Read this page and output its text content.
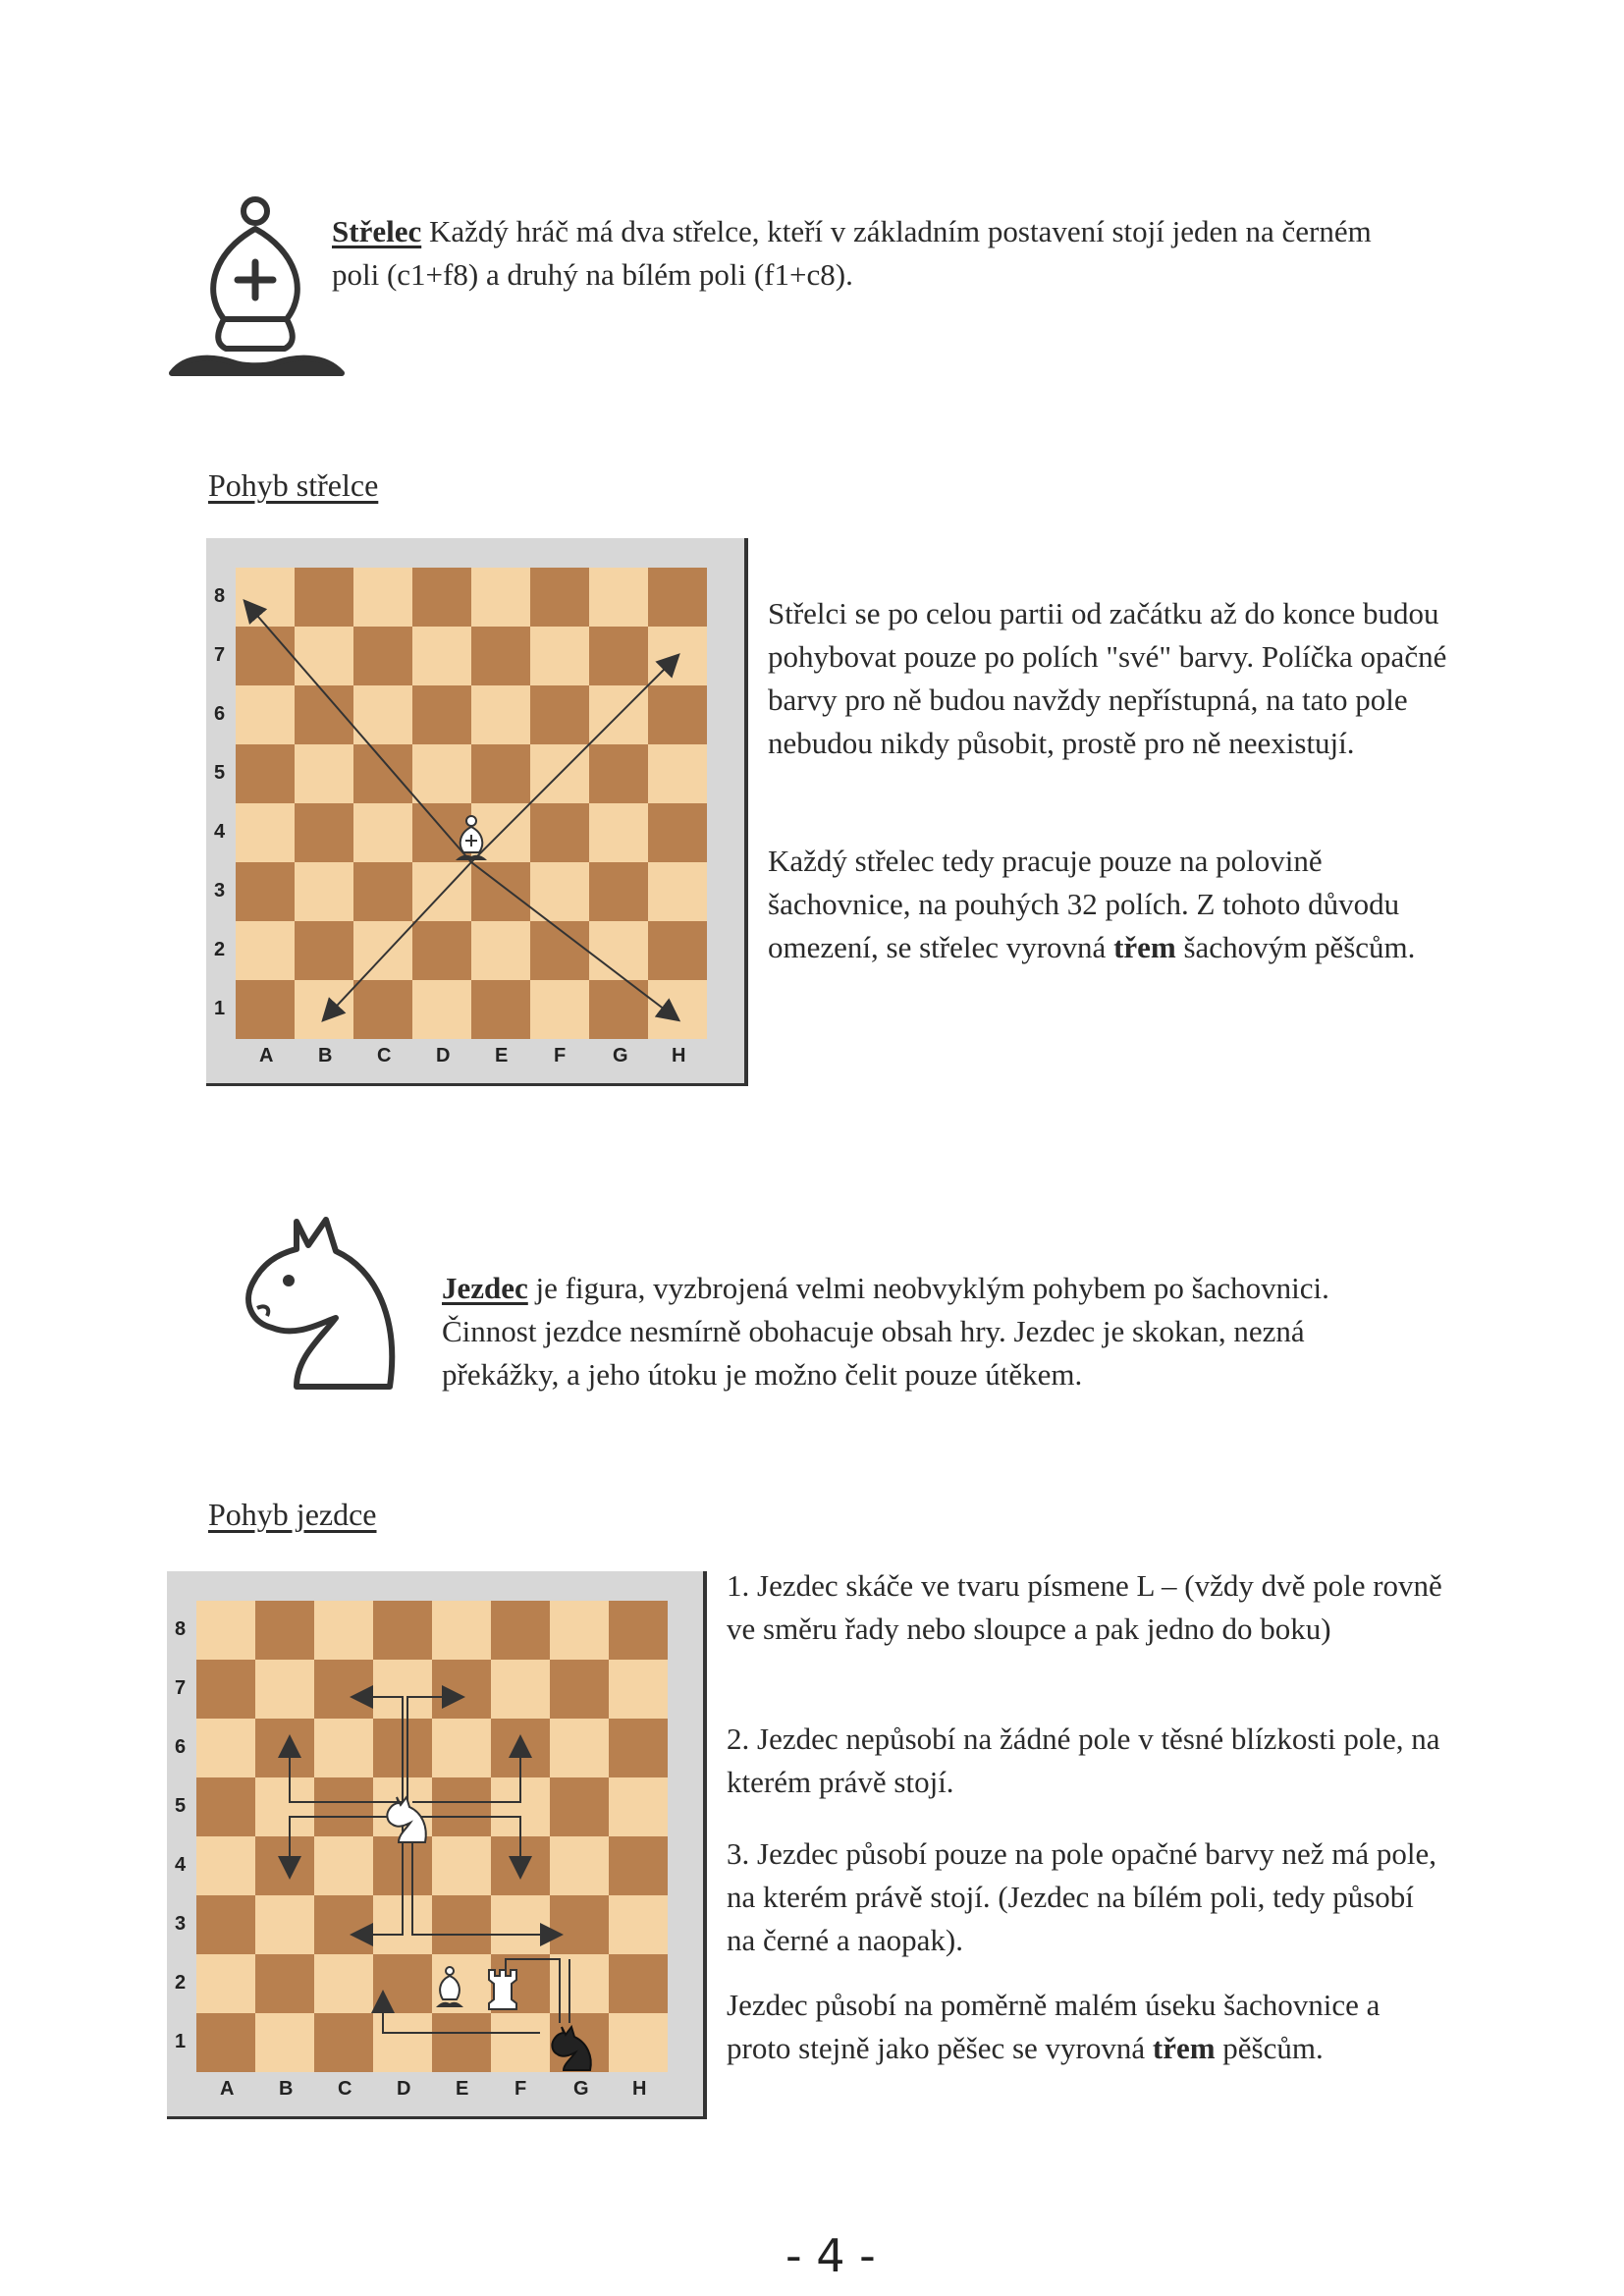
Střelec Každý hráč má dva střelce, kteří v základním postavení stojí jeden na černém poli (c1+f8) a druhý na bílém poli (f1+c8).
Pohyb střelce
8
7
6
5
4
3
2
1
A B C D E F G H
Střelci se po celou partii od začátku až do konce budou pohybovat pouze po polích "své" barvy. Políčka opačné barvy pro ně budou navždy nepřístupná, na tato pole nebudou nikdy působit, prostě pro ně neexistují.
Každý střelec tedy pracuje pouze na polovině šachovnice, na pouhých 32 polích. Z tohoto důvodu omezení, se střelec vyrovná třem šachovým pěšcům.
Jezdec je figura, vyzbrojená velmi neobvyklým pohybem po šachovnici. Činnost jezdce nesmírně obohacuje obsah hry. Jezdec je skokan, nezná překážky, a jeho útoku je možno čelit pouze útěkem.
Pohyb jezdce
8
7
6
5
4
3
2
1
A B C D E F G H
1. Jezdec skáče ve tvaru písmene L – (vždy dvě pole rovně ve směru řady nebo sloupce a pak jedno do boku)
2. Jezdec nepůsobí na žádné pole v těsné blízkosti pole, na kterém právě stojí.
3. Jezdec působí pouze na pole opačné barvy než má pole, na kterém právě stojí. (Jezdec na bílém poli, tedy působí na černé a naopak).
Jezdec působí na poměrně malém úseku šachovnice a proto stejně jako pěšec se vyrovná třem pěšcům.
- 4 -
